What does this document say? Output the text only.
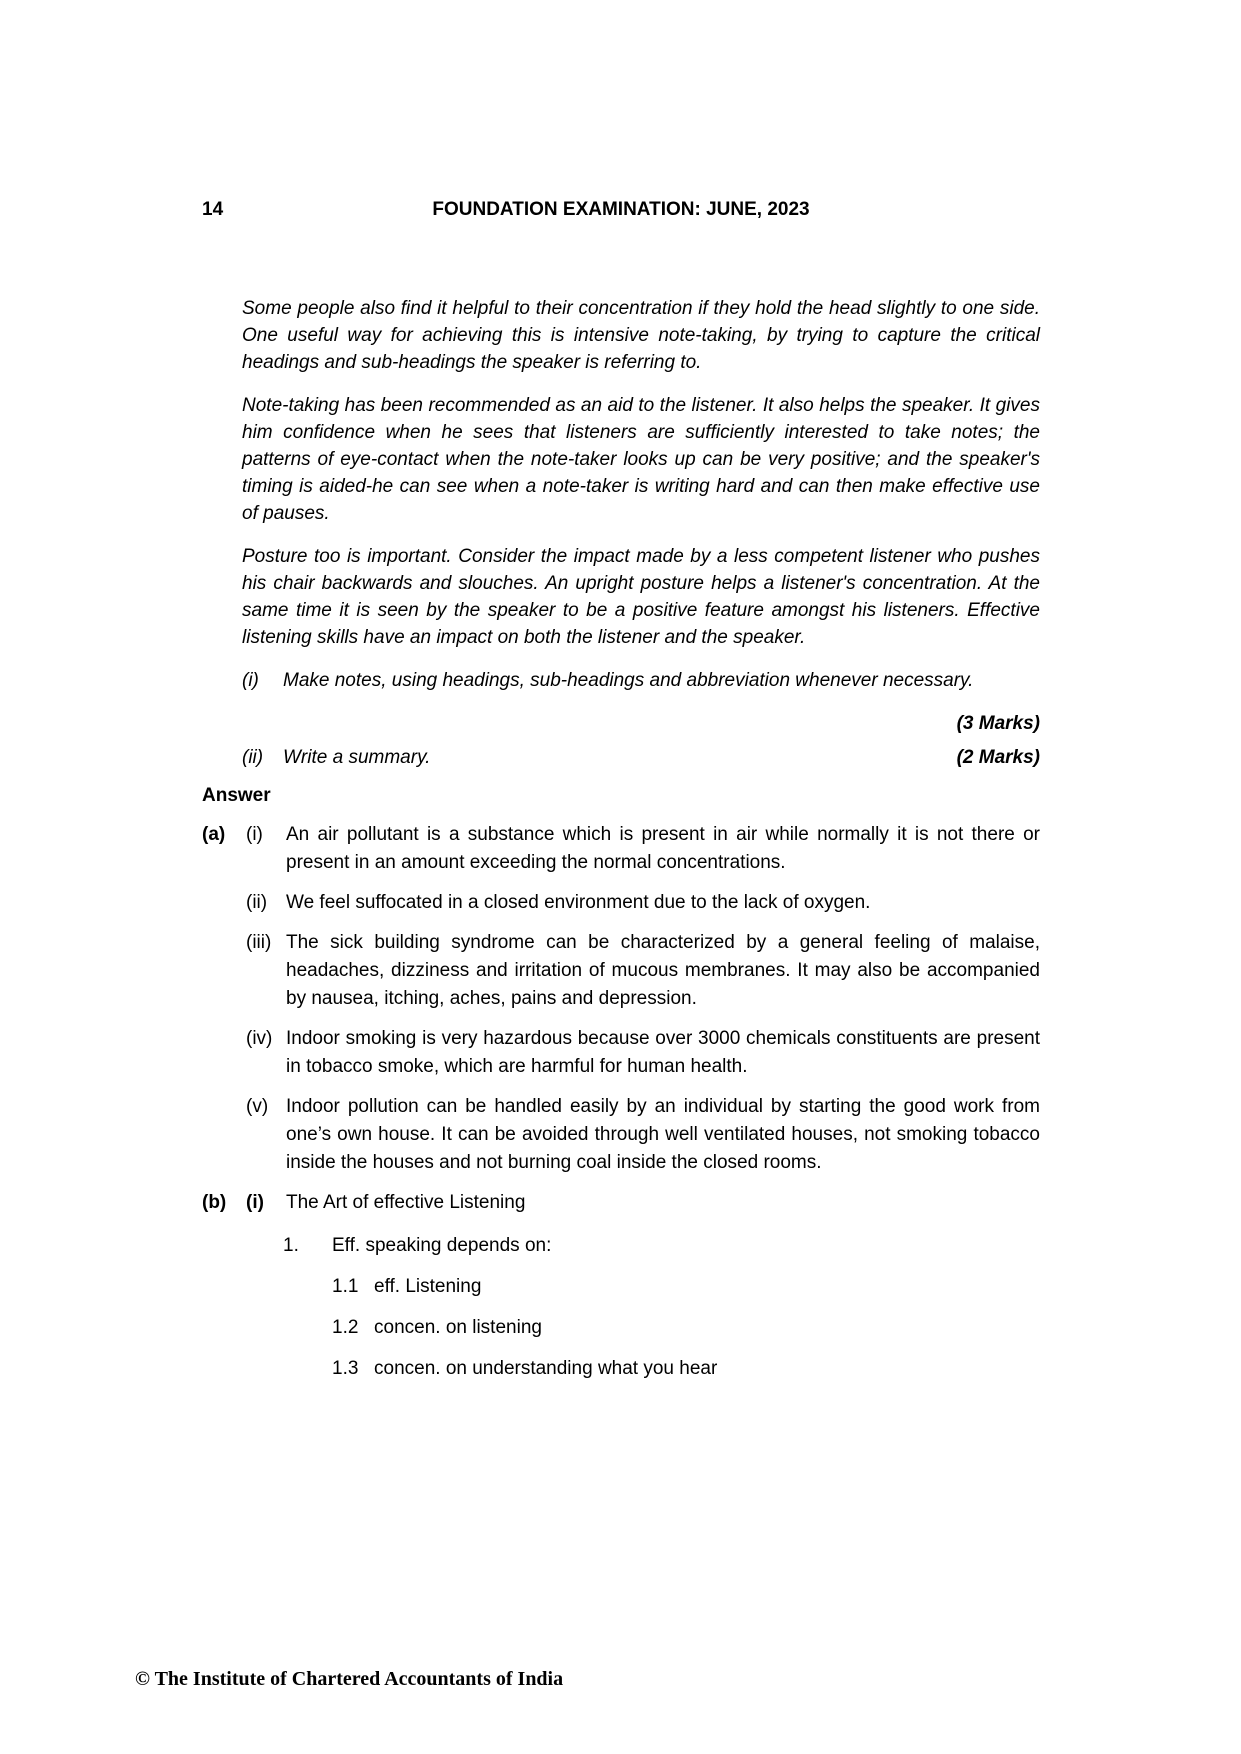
14	FOUNDATION EXAMINATION: JUNE, 2023

Some people also find it helpful to their concentration if they hold the head slightly to one side. One useful way for achieving this is intensive note-taking, by trying to capture the critical headings and sub-headings the speaker is referring to.

Note-taking has been recommended as an aid to the listener. It also helps the speaker. It gives him confidence when he sees that listeners are sufficiently interested to take notes; the patterns of eye-contact when the note-taker looks up can be very positive; and the speaker's timing is aided-he can see when a note-taker is writing hard and can then make effective use of pauses.

Posture too is important. Consider the impact made by a less competent listener who pushes his chair backwards and slouches. An upright posture helps a listener's concentration. At the same time it is seen by the speaker to be a positive feature amongst his listeners. Effective listening skills have an impact on both the listener and the speaker.

(i)	Make notes, using headings, sub-headings and abbreviation whenever necessary.
(3 Marks)
(ii)	Write a summary.	(2 Marks)
Answer
(a)	(i)	An air pollutant is a substance which is present in air while normally it is not there or present in an amount exceeding the normal concentrations.
(ii) We feel suffocated in a closed environment due to the lack of oxygen.
(iii) The sick building syndrome can be characterized by a general feeling of malaise, headaches, dizziness and irritation of mucous membranes. It may also be accompanied by nausea, itching, aches, pains and depression.
(iv) Indoor smoking is very hazardous because over 3000 chemicals constituents are present in tobacco smoke, which are harmful for human health.
(v) Indoor pollution can be handled easily by an individual by starting the good work from one’s own house. It can be avoided through well ventilated houses, not smoking tobacco inside the houses and not burning coal inside the closed rooms.
(b)	(i)	The Art of effective Listening
1.	Eff. speaking depends on:
1.1 eff. Listening
1.2 concen. on listening
1.3 concen. on understanding what you hear
© The Institute of Chartered Accountants of India
